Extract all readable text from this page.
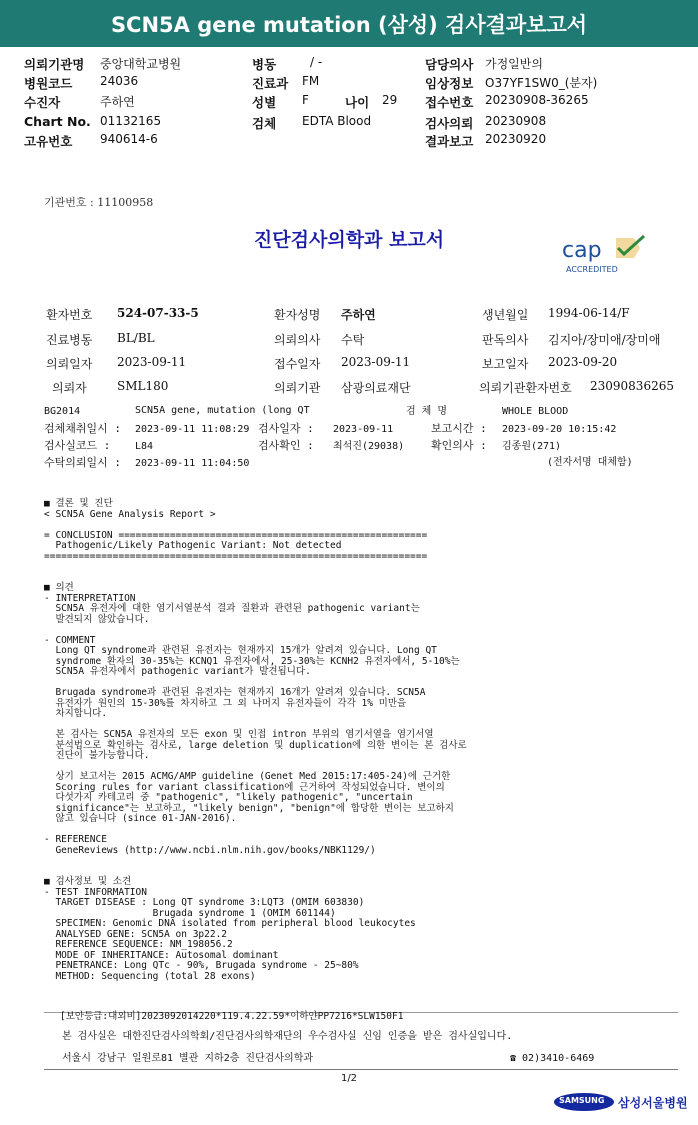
SCN5A gene mutation (삼성) 검사결과보고서
의뢰기관명 중앙대학교병원	병동	/ -	담당의사 가정일반의
병원코드 24036	진료과 FM	임상정보 O37YF1SW0_(분자)
수진자	주하연	성별 F	나이 29 접수번호 20230908-36265
Chart No. 01132165	검체 EDTA Blood	검사의뢰 20230908
고유번호 940614-6	결과보고 20230920
기관번호 : 11100958
진단검사의학과 보고서	cap
ACCREDITED
환자번호 524-07-33-5	환자성명 주하연	생년월일 1994-06-14/F
진료병동 BL/BL	의뢰의사 수탁	판독의사 김지아/장미애/장미애
의뢰일자 2023-09-11	접수일자 2023-09-11	보고일자 2023-09-20
의뢰자	SML180	의뢰기관 삼광의료재단	의뢰기관환자번호 23090836265
BG2014	SCN5A gene, mutation (long QT	검 체 명	WHOLE BLOOD
검체채취일시 : 2023-09-11 11:08:29 검사일자 : 2023-09-11	보고시간 : 2023-09-20 10:15:42
검사실코드 : L84	검사확인 : 최석진(29038) 확인의사 : 김종원(271)
수탁의뢰일시 : 2023-09-11 11:04:50	(전자서명 대체함)
■ 결론 및 진단
< SCN5A Gene Analysis Report >
= CONCLUSION ======================================================
Pathogenic/Likely Pathogenic Variant: Not detected
===================================================================
■ 의견
- INTERPRETATION
SCN5A 유전자에 대한 염기서열분석 결과 질환과 관련된 pathogenic variant는
발견되지 않았습니다.
- COMMENT
Long QT syndrome과 관련된 유전자는 현재까지 15개가 알려져 있습니다. Long QT
syndrome 환자의 30-35%는 KCNQ1 유전자에서, 25-30%는 KCNH2 유전자에서, 5-10%는
SCN5A 유전자에서 pathogenic variant가 발견됩니다.
Brugada syndrome과 관련된 유전자는 현재까지 16개가 알려져 있습니다. SCN5A
유전자가 원인의 15-30%를 차지하고 그 외 나머지 유전자들이 각각 1% 미만을
차지합니다.
본 검사는 SCN5A 유전자의 모든 exon 및 인접 intron 부위의 염기서열을 염기서열
분석법으로 확인하는 검사로, large deletion 및 duplication에 의한 변이는 본 검사로
진단이 불가능합니다.
상기 보고서는 2015 ACMG/AMP guideline (Genet Med 2015:17:405-24)에 근거한
Scoring rules for variant classification에 근거하여 작성되었습니다. 변이의
다섯가지 카테고리 중 "pathogenic", "likely pathogenic", "uncertain
significance"는 보고하고, "likely benign", "benign"에 합당한 변이는 보고하지
않고 있습니다 (since 01-JAN-2016).
- REFERENCE
GeneReviews (http://www.ncbi.nlm.nih.gov/books/NBK1129/)
■ 검사정보 및 소견
- TEST INFORMATION
TARGET DISEASE : Long QT syndrome 3:LQT3 (OMIM 603830)
Brugada syndrome 1 (OMIM 601144)
SPECIMEN: Genomic DNA isolated from peripheral blood leukocytes
ANALYSED GENE: SCN5A on 3p22.2
REFERENCE SEQUENCE: NM_198056.2
MODE OF INHERITANCE: Autosomal dominant
PENETRANCE: Long QTc - 90%, Brugada syndrome - 25~80%
METHOD: Sequencing (total 28 exons)
[보안등급:대외비]2023092014220*119.4.22.59*이하얀PP7216*SLW150F1
본 검사실은 대한진단검사의학회/진단검사의학재단의 우수검사실 신임 인증을 받은 검사실입니다.
서울시 강남구 일원로81 별관 지하2층 진단검사의학과	☎ 02)3410-6469
1/2
SAMSUNG 삼성서울병원
